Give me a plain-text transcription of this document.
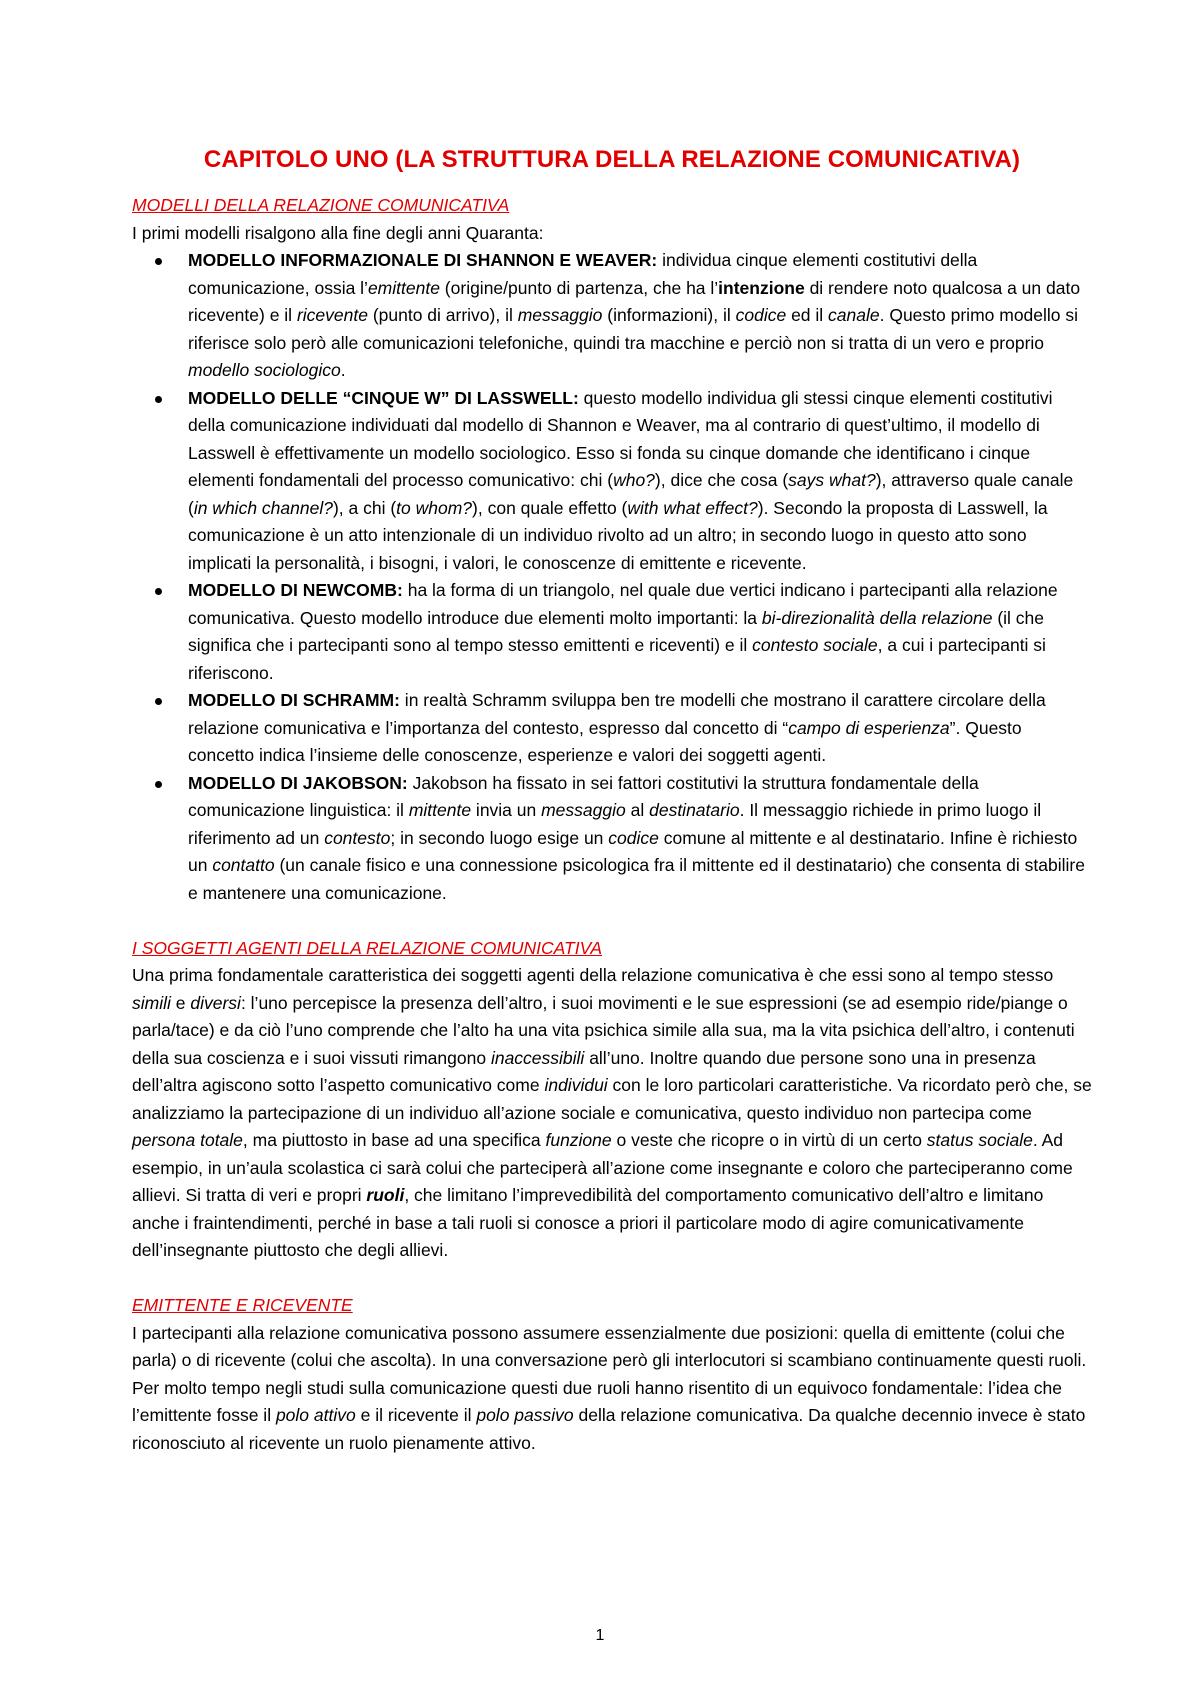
CAPITOLO UNO (LA STRUTTURA DELLA RELAZIONE COMUNICATIVA)
MODELLI DELLA RELAZIONE COMUNICATIVA

I primi modelli risalgono alla fine degli anni Quaranta:

MODELLO INFORMAZIONALE DI SHANNON E WEAVER: individua cinque elementi costitutivi della comunicazione, ossia l’emittente (origine/punto di partenza, che ha l’intenzione di rendere noto qualcosa a un dato ricevente) e il ricevente (punto di arrivo), il messaggio (informazioni), il codice ed il canale. Questo primo modello si riferisce solo però alle comunicazioni telefoniche, quindi tra macchine e perciò non si tratta di un vero e proprio modello sociologico.
MODELLO DELLE “CINQUE W” DI LASSWELL: questo modello individua gli stessi cinque elementi costitutivi della comunicazione individuati dal modello di Shannon e Weaver, ma al contrario di quest’ultimo, il modello di Lasswell è effettivamente un modello sociologico. Esso si fonda su cinque domande che identificano i cinque elementi fondamentali del processo comunicativo: chi (who?), dice che cosa (says what?), attraverso quale canale (in which channel?), a chi (to whom?), con quale effetto (with what effect?). Secondo la proposta di Lasswell, la comunicazione è un atto intenzionale di un individuo rivolto ad un altro; in secondo luogo in questo atto sono implicati la personalità, i bisogni, i valori, le conoscenze di emittente e ricevente.
MODELLO DI NEWCOMB: ha la forma di un triangolo, nel quale due vertici indicano i partecipanti alla relazione comunicativa. Questo modello introduce due elementi molto importanti: la bi-direzionalità della relazione (il che significa che i partecipanti sono al tempo stesso emittenti e riceventi) e il contesto sociale, a cui i partecipanti si riferiscono.
MODELLO DI SCHRAMM: in realtà Schramm sviluppa ben tre modelli che mostrano il carattere circolare della relazione comunicativa e l’importanza del contesto, espresso dal concetto di “campo di esperienza”. Questo concetto indica l’insieme delle conoscenze, esperienze e valori dei soggetti agenti.
MODELLO DI JAKOBSON: Jakobson ha fissato in sei fattori costitutivi la struttura fondamentale della comunicazione linguistica: il mittente invia un messaggio al destinatario. Il messaggio richiede in primo luogo il riferimento ad un contesto; in secondo luogo esige un codice comune al mittente e al destinatario. Infine è richiesto un contatto (un canale fisico e una connessione psicologica fra il mittente ed il destinatario) che consenta di stabilire e mantenere una comunicazione.
I SOGGETTI AGENTI DELLA RELAZIONE COMUNICATIVA

Una prima fondamentale caratteristica dei soggetti agenti della relazione comunicativa è che essi sono al tempo stesso simili e diversi: l’uno percepisce la presenza dell’altro, i suoi movimenti e le sue espressioni (se ad esempio ride/piange o parla/tace) e da ciò l’uno comprende che l’alto ha una vita psichica simile alla sua, ma la vita psichica dell’altro, i contenuti della sua coscienza e i suoi vissuti rimangono inaccessibili all’uno. Inoltre quando due persone sono una in presenza dell’altra agiscono sotto l’aspetto comunicativo come individui con le loro particolari caratteristiche. Va ricordato però che, se analizziamo la partecipazione di un individuo all’azione sociale e comunicativa, questo individuo non partecipa come persona totale, ma piuttosto in base ad una specifica funzione o veste che ricopre o in virtù di un certo status sociale. Ad esempio, in un’aula scolastica ci sarà colui che parteciperà all’azione come insegnante e coloro che parteciperanno come allievi. Si tratta di veri e propri ruoli, che limitano l’imprevedibilità del comportamento comunicativo dell’altro e limitano anche i fraintendimenti, perché in base a tali ruoli si conosce a priori il particolare modo di agire comunicativamente dell’insegnante piuttosto che degli allievi.

EMITTENTE E RICEVENTE

I partecipanti alla relazione comunicativa possono assumere essenzialmente due posizioni: quella di emittente (colui che parla) o di ricevente (colui che ascolta). In una conversazione però gli interlocutori si scambiano continuamente questi ruoli. Per molto tempo negli studi sulla comunicazione questi due ruoli hanno risentito di un equivoco fondamentale: l’idea che l’emittente fosse il polo attivo e il ricevente il polo passivo della relazione comunicativa. Da qualche decennio invece è stato riconosciuto al ricevente un ruolo pienamente attivo.

1
